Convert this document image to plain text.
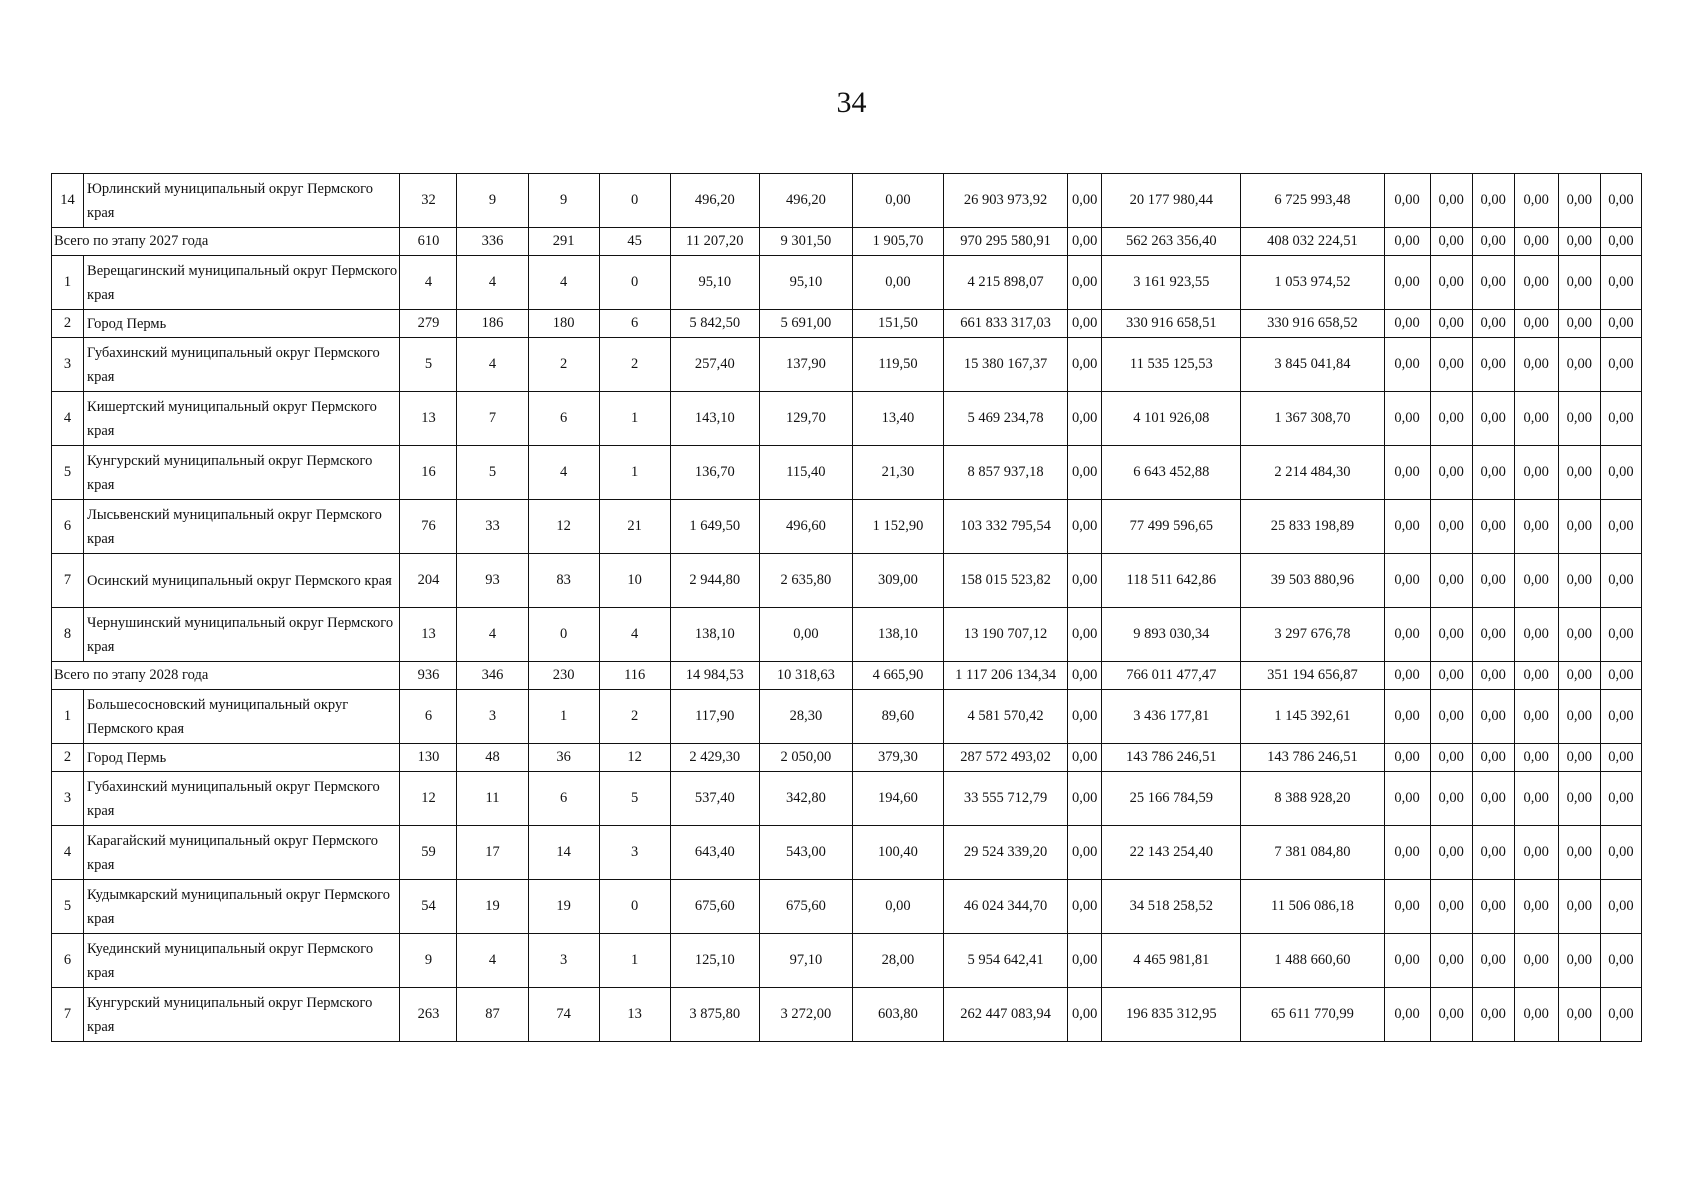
34
14	Юрлинский муниципальный округ Пермского края	32	9	9	0	496,20	496,20	0,00	26 903 973,92	0,00	20 177 980,44	6 725 993,48	0,00	0,00	0,00	0,00	0,00	0,00
Всего по этапу 2027 года		610	336	291	45	11 207,20	9 301,50	1 905,70	970 295 580,91	0,00	562 263 356,40	408 032 224,51	0,00	0,00	0,00	0,00	0,00	0,00
1	Верещагинский муниципальный округ Пермского края	4	4	4	0	95,10	95,10	0,00	4 215 898,07	0,00	3 161 923,55	1 053 974,52	0,00	0,00	0,00	0,00	0,00	0,00
2	Город Пермь	279	186	180	6	5 842,50	5 691,00	151,50	661 833 317,03	0,00	330 916 658,51	330 916 658,52	0,00	0,00	0,00	0,00	0,00	0,00
3	Губахинский муниципальный округ Пермского края	5	4	2	2	257,40	137,90	119,50	15 380 167,37	0,00	11 535 125,53	3 845 041,84	0,00	0,00	0,00	0,00	0,00	0,00
4	Кишертский муниципальный округ Пермского края	13	7	6	1	143,10	129,70	13,40	5 469 234,78	0,00	4 101 926,08	1 367 308,70	0,00	0,00	0,00	0,00	0,00	0,00
5	Кунгурский муниципальный округ Пермского края	16	5	4	1	136,70	115,40	21,30	8 857 937,18	0,00	6 643 452,88	2 214 484,30	0,00	0,00	0,00	0,00	0,00	0,00
6	Лысьвенский муниципальный округ Пермского края	76	33	12	21	1 649,50	496,60	1 152,90	103 332 795,54	0,00	77 499 596,65	25 833 198,89	0,00	0,00	0,00	0,00	0,00	0,00
7	Осинский муниципальный округ Пермского края	204	93	83	10	2 944,80	2 635,80	309,00	158 015 523,82	0,00	118 511 642,86	39 503 880,96	0,00	0,00	0,00	0,00	0,00	0,00
8	Чернушинский муниципальный округ Пермского края	13	4	0	4	138,10	0,00	138,10	13 190 707,12	0,00	9 893 030,34	3 297 676,78	0,00	0,00	0,00	0,00	0,00	0,00
Всего по этапу 2028 года		936	346	230	116	14 984,53	10 318,63	4 665,90	1 117 206 134,34	0,00	766 011 477,47	351 194 656,87	0,00	0,00	0,00	0,00	0,00	0,00
1	Большесосновский муниципальный округ Пермского края	6	3	1	2	117,90	28,30	89,60	4 581 570,42	0,00	3 436 177,81	1 145 392,61	0,00	0,00	0,00	0,00	0,00	0,00
2	Город Пермь	130	48	36	12	2 429,30	2 050,00	379,30	287 572 493,02	0,00	143 786 246,51	143 786 246,51	0,00	0,00	0,00	0,00	0,00	0,00
3	Губахинский муниципальный округ Пермского края	12	11	6	5	537,40	342,80	194,60	33 555 712,79	0,00	25 166 784,59	8 388 928,20	0,00	0,00	0,00	0,00	0,00	0,00
4	Карагайский муниципальный округ Пермского края	59	17	14	3	643,40	543,00	100,40	29 524 339,20	0,00	22 143 254,40	7 381 084,80	0,00	0,00	0,00	0,00	0,00	0,00
5	Кудымкарский муниципальный округ Пермского края	54	19	19	0	675,60	675,60	0,00	46 024 344,70	0,00	34 518 258,52	11 506 086,18	0,00	0,00	0,00	0,00	0,00	0,00
6	Куединский муниципальный округ Пермского края	9	4	3	1	125,10	97,10	28,00	5 954 642,41	0,00	4 465 981,81	1 488 660,60	0,00	0,00	0,00	0,00	0,00	0,00
7	Кунгурский муниципальный округ Пермского края	263	87	74	13	3 875,80	3 272,00	603,80	262 447 083,94	0,00	196 835 312,95	65 611 770,99	0,00	0,00	0,00	0,00	0,00	0,00
